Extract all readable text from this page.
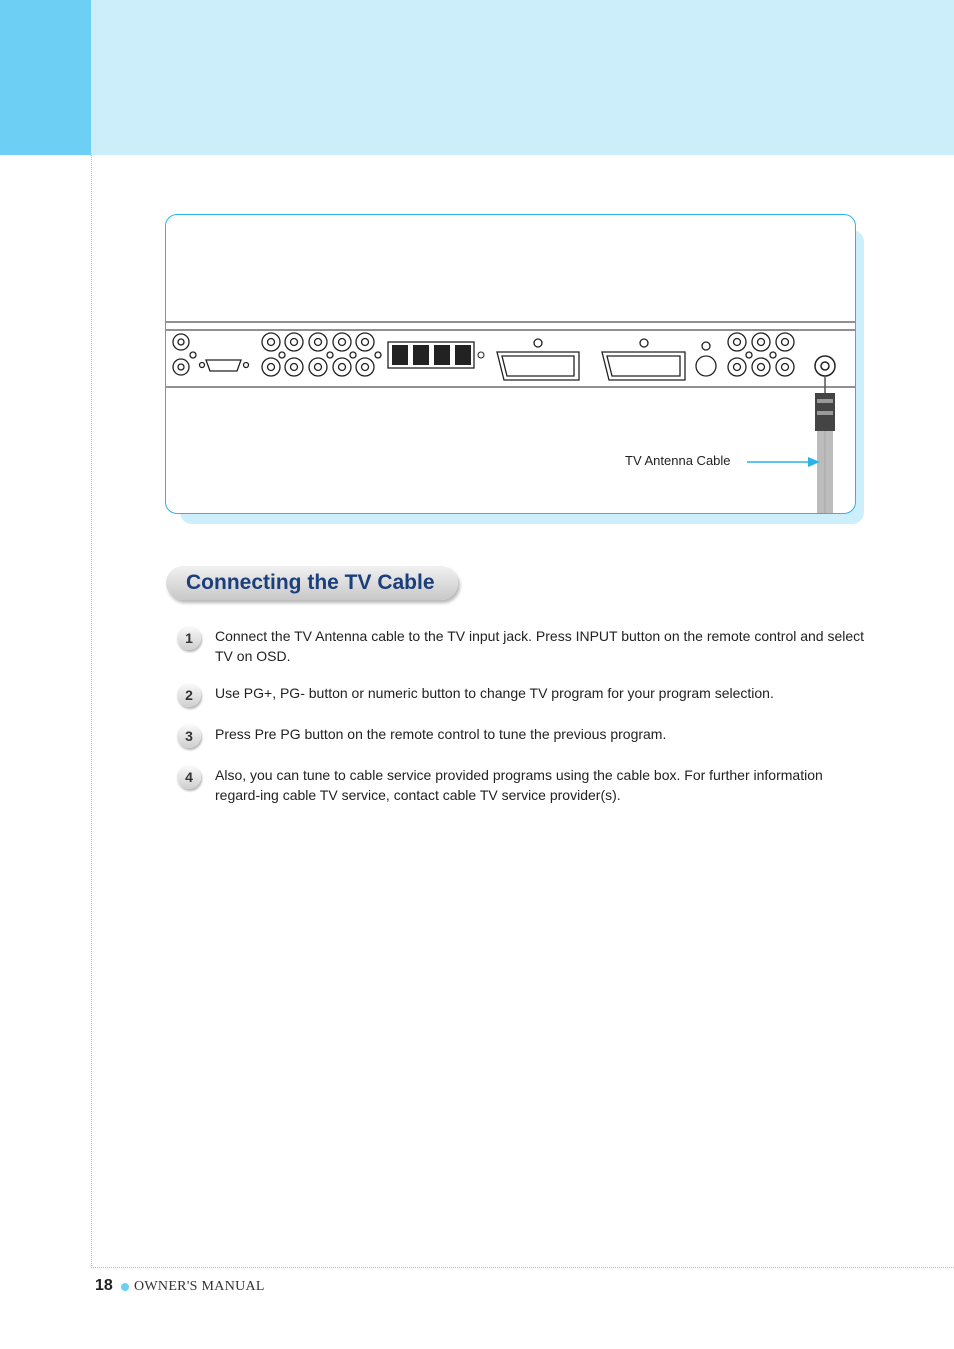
TV Antenna Cable
Connecting the TV Cable
1	Connect the TV Antenna cable to the TV input jack. Press INPUT button on the remote control and select TV on OSD.
2	Use PG+, PG- button or numeric button to change TV program for your program selection.
3	Press Pre PG button on the remote control to tune the previous program.
4	Also, you can tune to cable service provided programs using the cable box. For further information regard-ing cable TV service, contact cable TV service provider(s).
18 OWNER'S MANUAL
